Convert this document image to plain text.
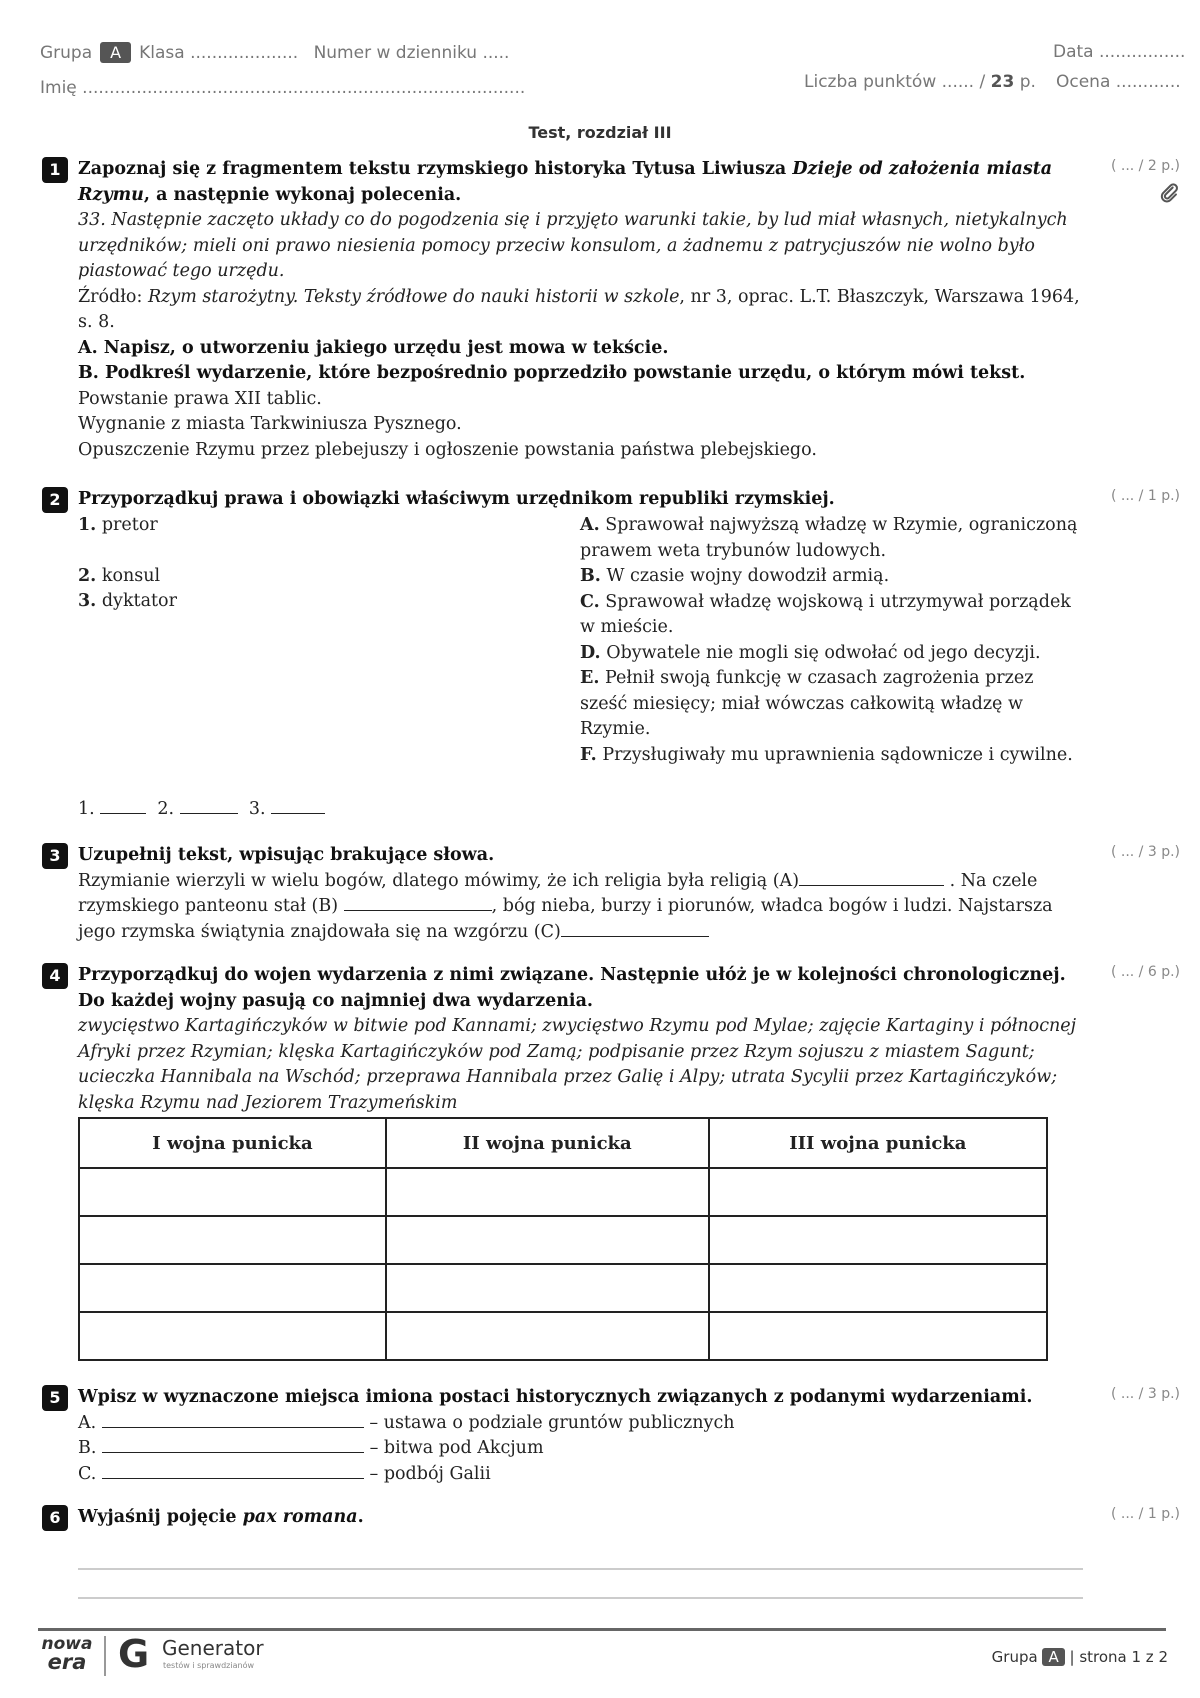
Grupa A Klasa .................... Numer w dzienniku .....	Data ................
Imię ..................................................................................	Liczba punktów ...... / 23 p. Ocena ............
Test, rozdział III
1	( ... / 2 p.)
Zapoznaj się z fragmentem tekstu rzymskiego historyka Tytusa Liwiusza Dzieje od założenia miasta Rzymu, a następnie wykonaj polecenia.
33. Następnie zaczęto układy co do pogodzenia się i przyjęto warunki takie, by lud miał własnych, nietykalnych urzędników; mieli oni prawo niesienia pomocy przeciw konsulom, a żadnemu z patrycjuszów nie wolno było piastować tego urzędu.
Źródło: Rzym starożytny. Teksty źródłowe do nauki historii w szkole, nr 3, oprac. L.T. Błaszczyk, Warszawa 1964, s. 8.
A. Napisz, o utworzeniu jakiego urzędu jest mowa w tekście.
B. Podkreśl wydarzenie, które bezpośrednio poprzedziło powstanie urzędu, o którym mówi tekst.
Powstanie prawa XII tablic.
Wygnanie z miasta Tarkwiniusza Pysznego.
Opuszczenie Rzymu przez plebejuszy i ogłoszenie powstania państwa plebejskiego.
2	( ... / 1 p.)
Przyporządkuj prawa i obowiązki właściwym urzędnikom republiki rzymskiej.
1. pretor
2. konsul
3. dyktator
A. Sprawował najwyższą władzę w Rzymie, ograniczoną prawem weta trybunów ludowych.
B. W czasie wojny dowodził armią.
C. Sprawował władzę wojskową i utrzymywał porządek w mieście.
D. Obywatele nie mogli się odwołać od jego decyzji.
E. Pełnił swoją funkcję w czasach zagrożenia przez sześć miesięcy; miał wówczas całkowitą władzę w Rzymie.
F. Przysługiwały mu uprawnienia sądownicze i cywilne.
1.	2.	3.
3	( ... / 3 p.)
Uzupełnij tekst, wpisując brakujące słowa.
Rzymianie wierzyli w wielu bogów, dlatego mówimy, że ich religia była religią (A)	. Na czele rzymskiego panteonu stał (B)	, bóg nieba, burzy i piorunów, władca bogów i ludzi. Najstarsza jego rzymska świątynia znajdowała się na wzgórzu (C)
4	( ... / 6 p.)
Przyporządkuj do wojen wydarzenia z nimi związane. Następnie ułóż je w kolejności chronologicznej. Do każdej wojny pasują co najmniej dwa wydarzenia.
zwycięstwo Kartagińczyków w bitwie pod Kannami; zwycięstwo Rzymu pod Mylae; zajęcie Kartaginy i północnej Afryki przez Rzymian; klęska Kartagińczyków pod Zamą; podpisanie przez Rzym sojuszu z miastem Sagunt; ucieczka Hannibala na Wschód; przeprawa Hannibala przez Galię i Alpy; utrata Sycylii przez Kartagińczyków; klęska Rzymu nad Jeziorem Trazymeńskim
I wojna punicka	II wojna punicka	III wojna punicka

5	( ... / 3 p.)
Wpisz w wyznaczone miejsca imiona postaci historycznych związanych z podanymi wydarzeniami.
A.	– ustawa o podziale gruntów publicznych
B.	– bitwa pod Akcjum
C.	– podbój Galii
6	( ... / 1 p.)
Wyjaśnij pojęcie pax romana.
nowa
era G Generator
testów i sprawdzianów	Grupa A | strona 1 z 2
